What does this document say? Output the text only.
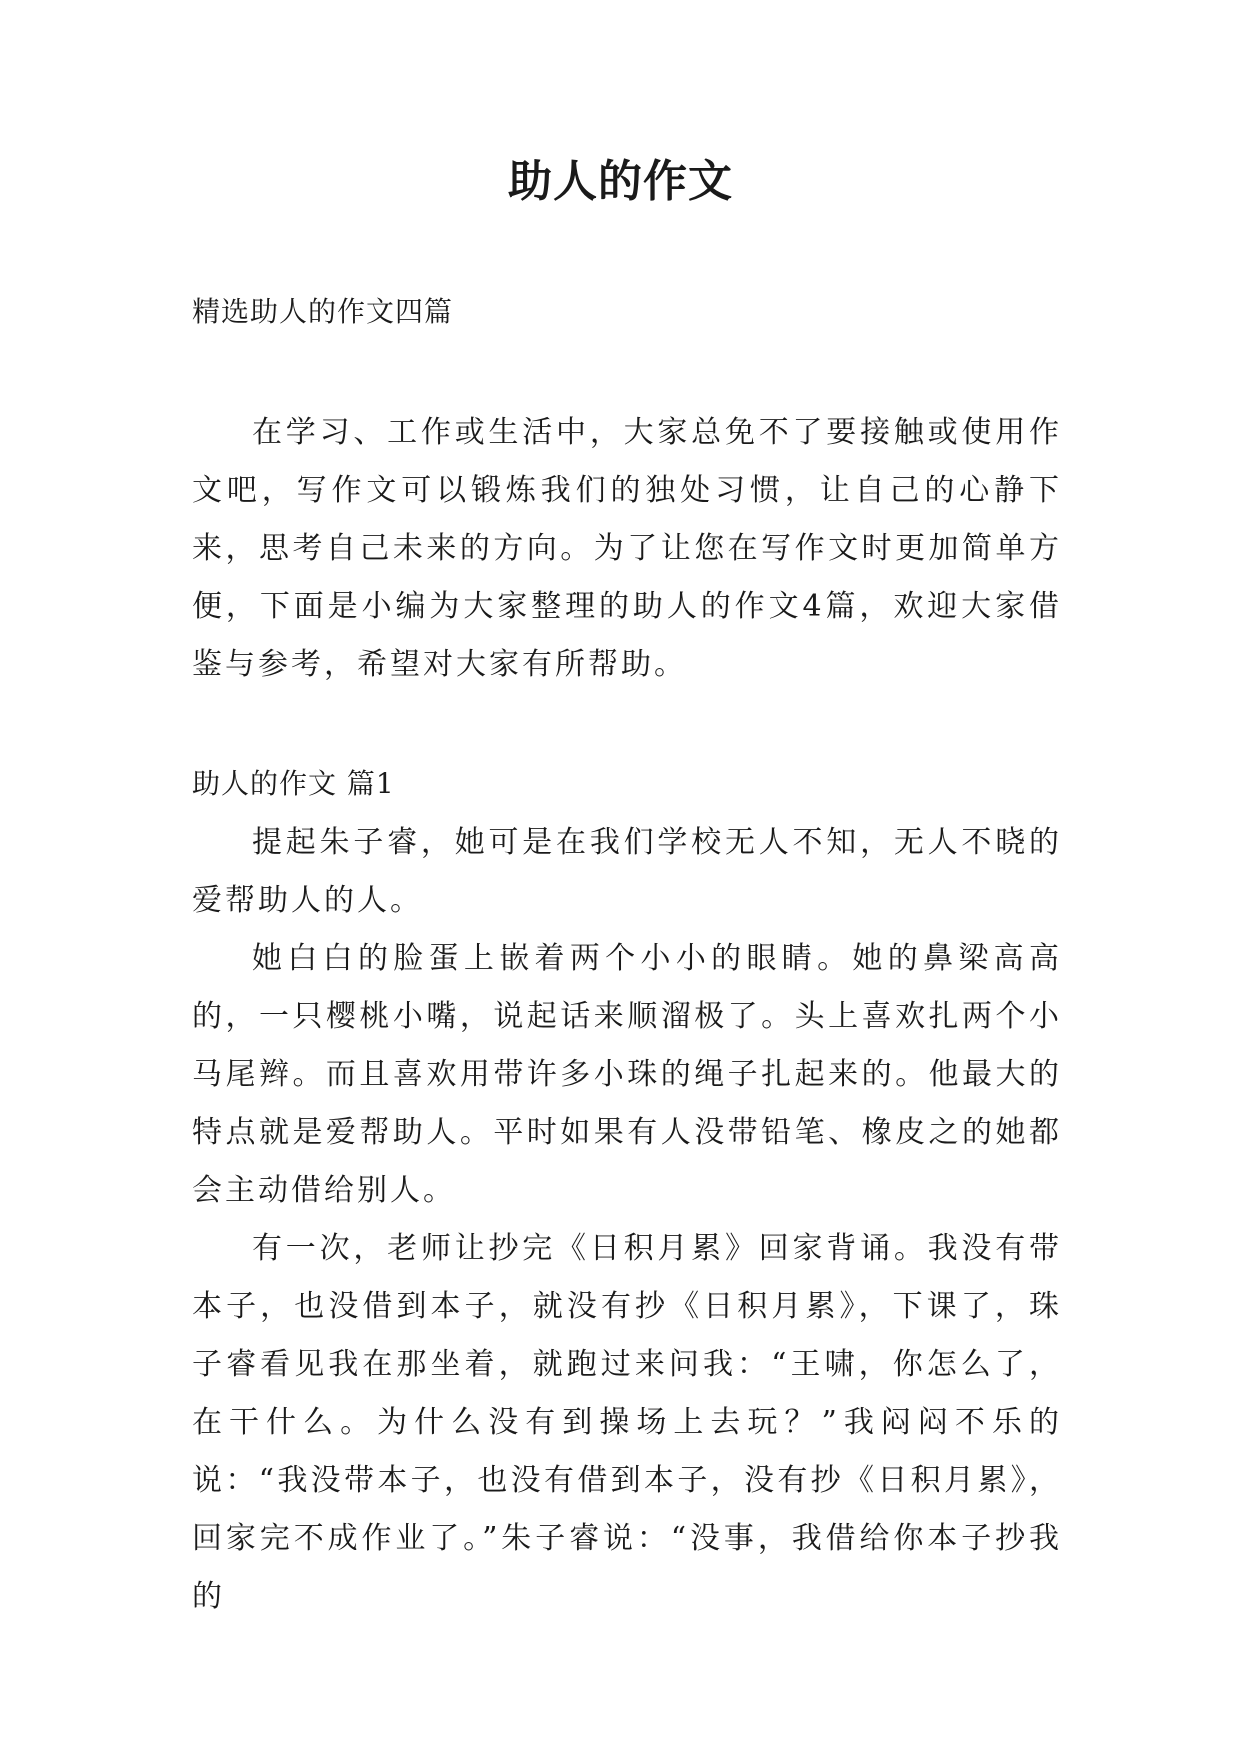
助人的作文
精选助人的作文四篇

在学习、工作或生活中，大家总免不了要接触或使用作文吧，写作文可以锻炼我们的独处习惯，让自己的心静下来，思考自己未来的方向。为了让您在写作文时更加简单方便，下面是小编为大家整理的助人的作文4篇，欢迎大家借鉴与参考，希望对大家有所帮助。

助人的作文 篇1

提起朱子睿，她可是在我们学校无人不知，无人不晓的爱帮助人的人。

她白白的脸蛋上嵌着两个小小的眼睛。她的鼻梁高高的，一只樱桃小嘴，说起话来顺溜极了。头上喜欢扎两个小马尾辫。而且喜欢用带许多小珠的绳子扎起来的。他最大的特点就是爱帮助人。平时如果有人没带铅笔、橡皮之的她都会主动借给别人。

有一次，老师让抄完《日积月累》回家背诵。我没有带本子，也没借到本子，就没有抄《日积月累》，下课了，珠子睿看见我在那坐着，就跑过来问我：“王啸，你怎么了，在干什么。为什么没有到操场上去玩？”我闷闷不乐的说：“我没带本子，也没有借到本子，没有抄《日积月累》，回家完不成作业了。”朱子睿说：“没事，我借给你本子抄我的
